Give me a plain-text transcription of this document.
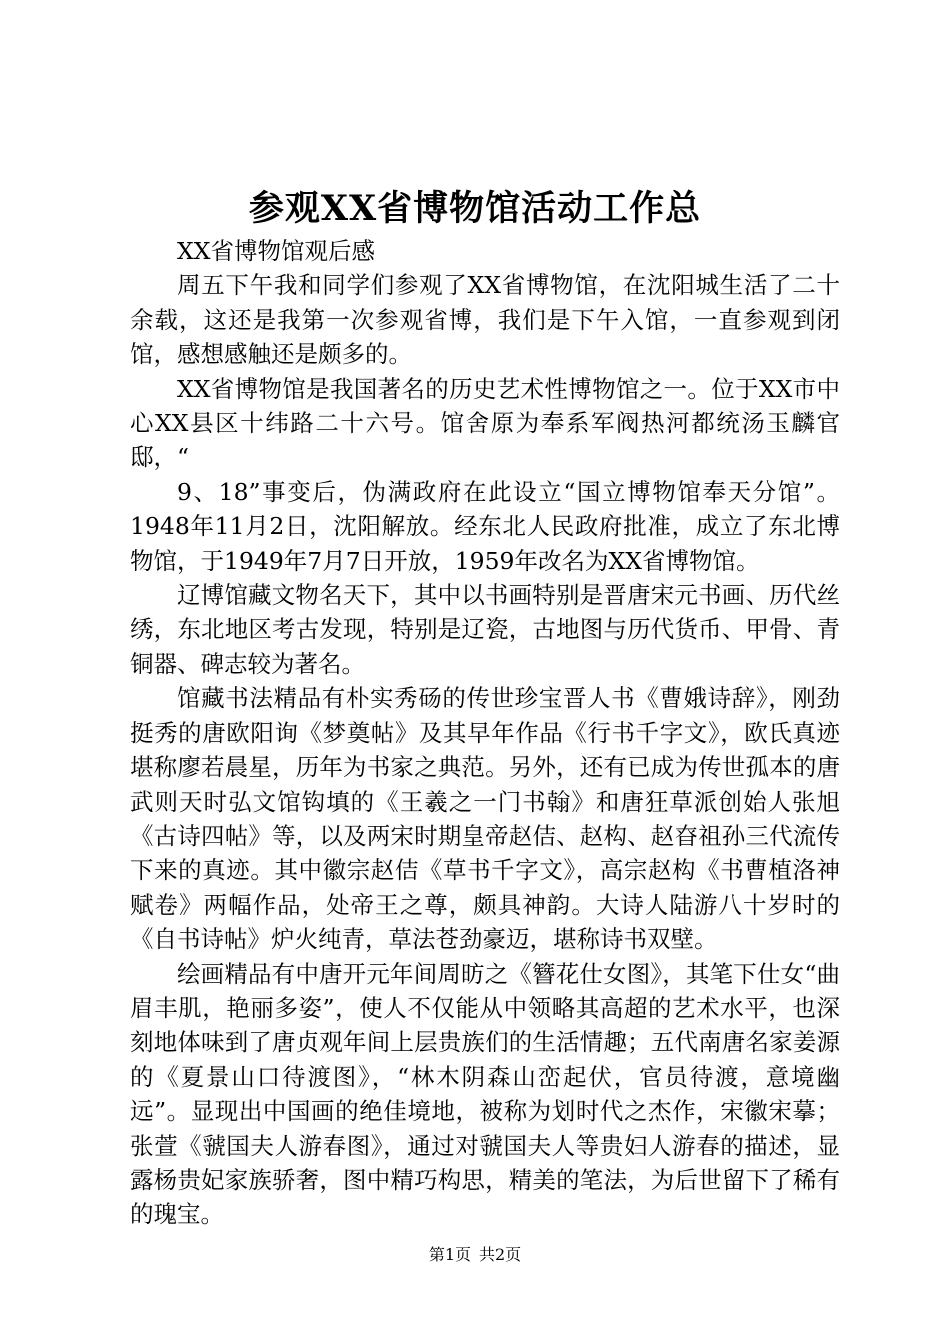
参观XX省博物馆活动工作总

XX省博物馆观后感

周五下午我和同学们参观了XX省博物馆，在沈阳城生活了二十余载，这还是我第一次参观省博，我们是下午入馆，一直参观到闭馆，感想感触还是颇多的。

XX省博物馆是我国著名的历史艺术性博物馆之一。位于XX市中心XX县区十纬路二十六号。馆舍原为奉系军阀热河都统汤玉麟官邸，“

9、18”事变后，伪满政府在此设立“国立博物馆奉天分馆”。1948年11月2日，沈阳解放。经东北人民政府批准，成立了东北博物馆，于1949年7月7日开放，1959年改名为XX省博物馆。

辽博馆藏文物名天下，其中以书画特别是晋唐宋元书画、历代丝绣，东北地区考古发现，特别是辽瓷，古地图与历代货币、甲骨、青铜器、碑志较为著名。

馆藏书法精品有朴实秀砀的传世珍宝晋人书《曹娥诗辞》，刚劲挺秀的唐欧阳询《梦奠帖》及其早年作品《行书千字文》，欧氏真迹堪称廖若晨星，历年为书家之典范。另外，还有已成为传世孤本的唐武则天时弘文馆钩填的《王羲之一门书翰》和唐狂草派创始人张旭《古诗四帖》等，以及两宋时期皇帝赵佶、赵构、赵昚祖孙三代流传下来的真迹。其中徽宗赵佶《草书千字文》，高宗赵构《书曹植洛神赋卷》两幅作品，处帝王之尊，颇具神韵。大诗人陆游八十岁时的《自书诗帖》炉火纯青，草法苍劲豪迈，堪称诗书双壁。

绘画精品有中唐开元年间周昉之《簪花仕女图》，其笔下仕女“曲眉丰肌，艳丽多姿”，使人不仅能从中领略其高超的艺术水平，也深刻地体味到了唐贞观年间上层贵族们的生活情趣；五代南唐名家姜源的《夏景山口待渡图》，“林木阴森山峦起伏，官员待渡，意境幽远”。显现出中国画的绝佳境地，被称为划时代之杰作，宋徽宋摹；张萱《虢国夫人游春图》，通过对虢国夫人等贵妇人游春的描述，显露杨贵妃家族骄奢，图中精巧构思，精美的笔法，为后世留下了稀有的瑰宝。

第1页 共2页
